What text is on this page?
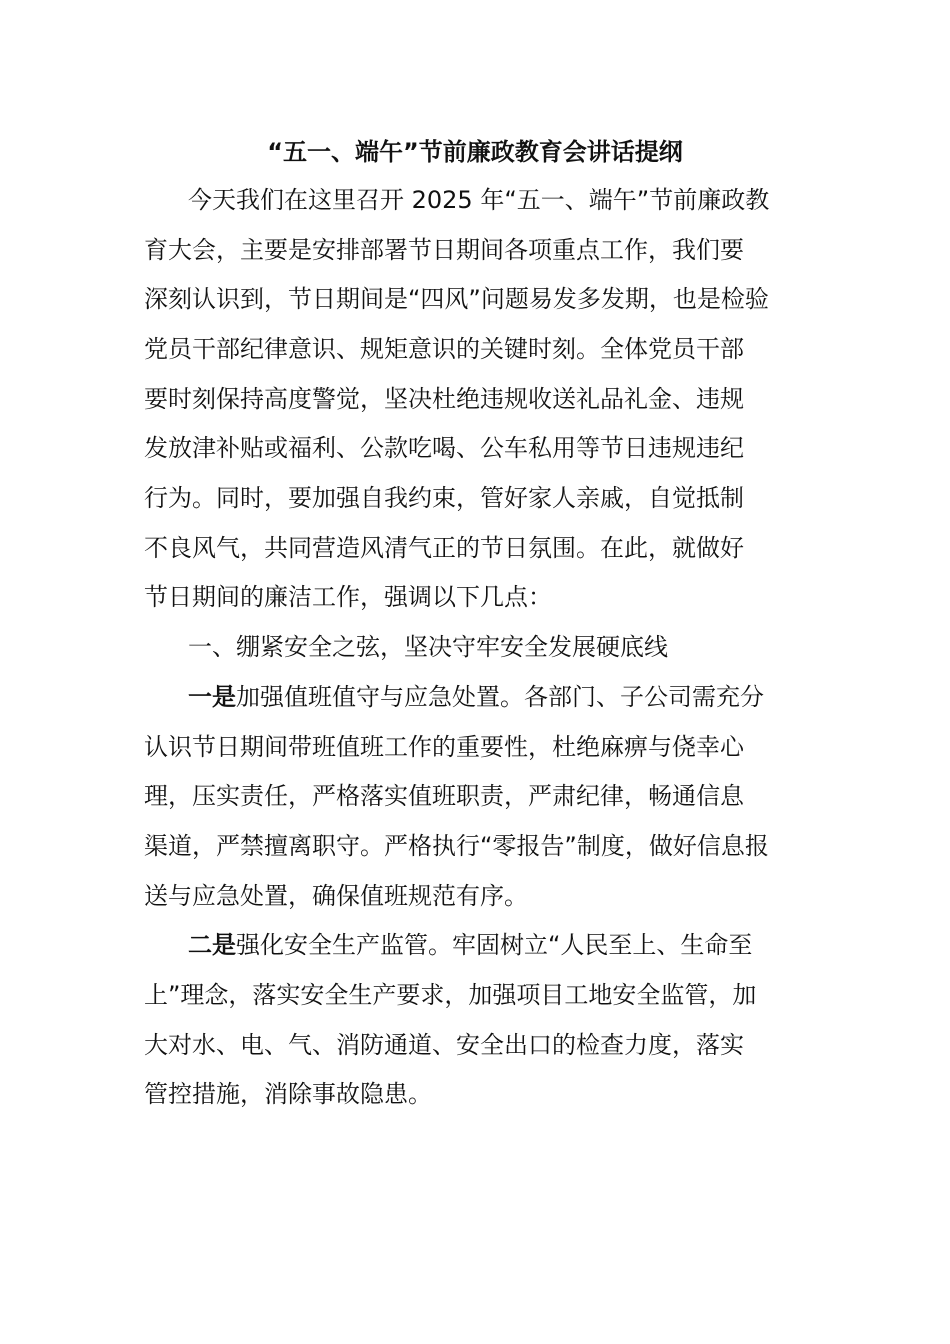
“五一、端午”节前廉政教育会讲话提纲

今天我们在这里召开 2025 年“五一、端午”节前廉政教

育大会，主要是安排部署节日期间各项重点工作，我们要

深刻认识到，节日期间是“四风”问题易发多发期，也是检验

党员干部纪律意识、规矩意识的关键时刻。全体党员干部

要时刻保持高度警觉，坚决杜绝违规收送礼品礼金、违规

发放津补贴或福利、公款吃喝、公车私用等节日违规违纪

行为。同时，要加强自我约束，管好家人亲戚，自觉抵制

不良风气，共同营造风清气正的节日氛围。在此，就做好

节日期间的廉洁工作，强调以下几点：

一、绷紧安全之弦，坚决守牢安全发展硬底线

一是加强值班值守与应急处置。各部门、子公司需充分

认识节日期间带班值班工作的重要性，杜绝麻痹与侥幸心

理，压实责任，严格落实值班职责，严肃纪律，畅通信息

渠道，严禁擅离职守。严格执行“零报告”制度，做好信息报

送与应急处置，确保值班规范有序。

二是强化安全生产监管。牢固树立“人民至上、生命至

上”理念，落实安全生产要求，加强项目工地安全监管，加

大对水、电、气、消防通道、安全出口的检查力度，落实

管控措施，消除事故隐患。
